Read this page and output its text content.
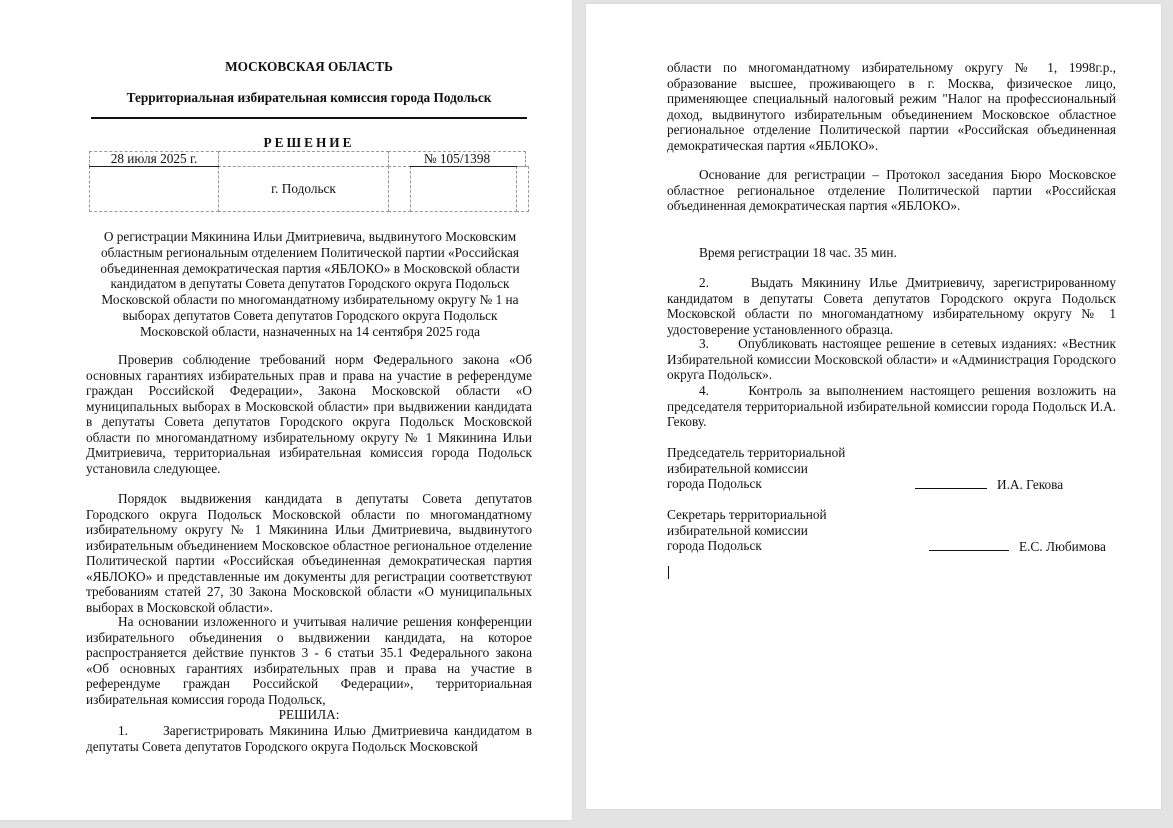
МОСКОВСКАЯ ОБЛАСТЬ
Территориальная избирательная комиссия города Подольск
РЕШЕНИЕ
28 июля 2025 г.	№ 105/1398
г. Подольск
О регистрации Мякинина Ильи Дмитриевича, выдвинутого Московским областным региональным отделением Политической партии «Российская объединенная демократическая партия «ЯБЛОКО» в Московской области кандидатом в депутаты Совета депутатов Городского округа Подольск Московской области по многомандатному избирательному округу № 1 на выборах депутатов Совета депутатов Городского округа Подольск Московской области, назначенных на 14 сентября 2025 года
Проверив соблюдение требований норм Федерального закона «Об основных гарантиях избирательных прав и права на участие в референдуме граждан Российской Федерации», Закона Московской области «О муниципальных выборах в Московской области» при выдвижении кандидата в депутаты Совета депутатов Городского округа Подольск Московской области по многомандатному избирательному округу № 1 Мякинина Ильи Дмитриевича, территориальная избирательная комиссия города Подольск установила следующее.
Порядок выдвижения кандидата в депутаты Совета депутатов Городского округа Подольск Московской области по многомандатному избирательному округу № 1 Мякинина Ильи Дмитриевича, выдвинутого избирательным объединением Московское областное региональное отделение Политической партии «Российская объединенная демократическая партия «ЯБЛОКО» и представленные им документы для регистрации соответствуют требованиям статей 27, 30 Закона Московской области «О муниципальных выборах в Московской области».
На основании изложенного и учитывая наличие решения конференции избирательного объединения о выдвижении кандидата, на которое распространяется действие пунктов 3 - 6 статьи 35.1 Федерального закона «Об основных гарантиях избирательных прав и права на участие в референдуме граждан Российской Федерации», территориальная избирательная комиссия города Подольск,
РЕШИЛА:
1.      Зарегистрировать Мякинина Илью Дмитриевича кандидатом в депутаты Совета депутатов Городского округа Подольск Московской
области по многомандатному избирательному округу № 1, 1998г.р., образование высшее, проживающего в г. Москва, физическое лицо, применяющее специальный налоговый режим "Налог на профессиональный доход, выдвинутого избирательным объединением Московское областное региональное отделение Политической партии «Российская объединенная демократическая партия «ЯБЛОКО».
Основание для регистрации – Протокол заседания Бюро Московское областное региональное отделение Политической партии «Российская объединенная демократическая партия «ЯБЛОКО».
Время регистрации 18 час. 35 мин.
2.     Выдать Мякинину Илье Дмитриевичу, зарегистрированному кандидатом в депутаты Совета депутатов Городского округа Подольск Московской области по многомандатному избирательному округу № 1 удостоверение установленного образца.
3.      Опубликовать настоящее решение в сетевых изданиях: «Вестник Избирательной комиссии Московской области» и «Администрация Городского округа Подольск».
4.      Контроль за выполнением настоящего решения возложить на председателя территориальной избирательной комиссии города Подольск И.А. Гекову.
Председатель территориальной
избирательной комиссии
города Подольск	И.А. Гекова
Секретарь территориальной
избирательной комиссии
города Подольск	Е.С. Любимова
